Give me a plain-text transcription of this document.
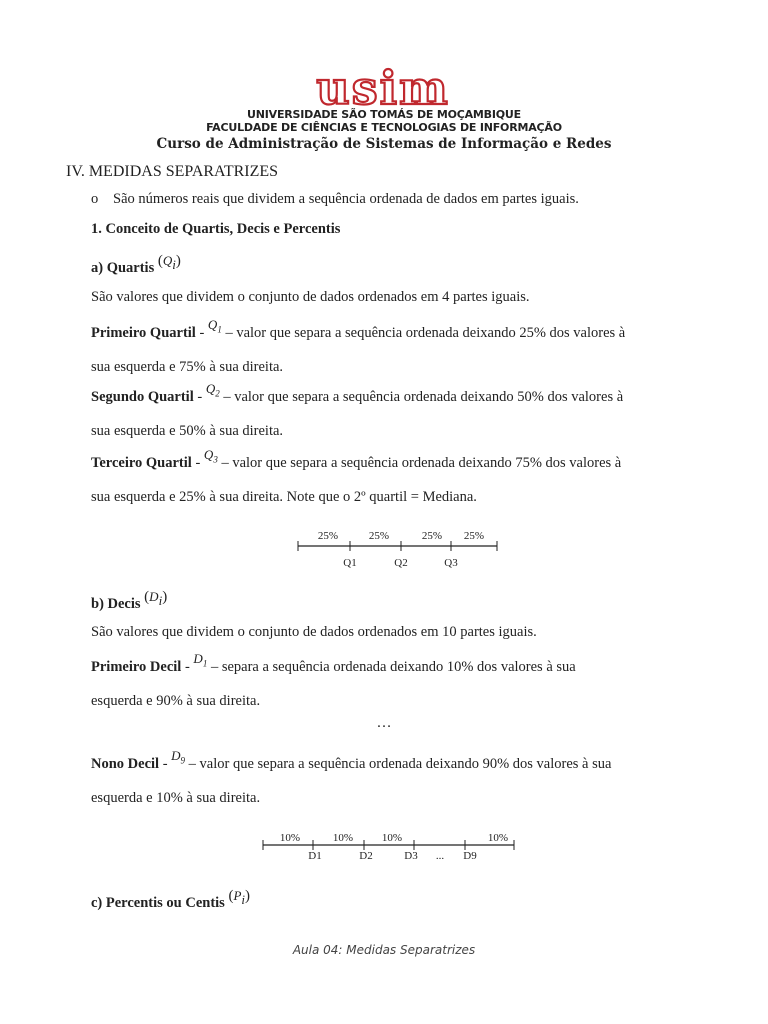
usim
UNIVERSIDADE SÃO TOMÁS DE MOÇAMBIQUE
FACULDADE DE CIÊNCIAS E TECNOLOGIAS DE INFORMAÇÃO
Curso de Administração de Sistemas de Informação e Redes
IV. MEDIDAS SEPARATRIZES
o São números reais que dividem a sequência ordenada de dados em partes iguais.
1. Conceito de Quartis, Decis e Percentis
a) Quartis $(Q_i)$
São valores que dividem o conjunto de dados ordenados em 4 partes iguais.
Primeiro Quartil - $Q_1$ – valor que separa a sequência ordenada deixando 25% dos valores à
sua esquerda e 75% à sua direita.
Segundo Quartil - $Q_2$ – valor que separa a sequência ordenada deixando 50% dos valores à
sua esquerda e 50% à sua direita.
Terceiro Quartil - $Q_3$ – valor que separa a sequência ordenada deixando 75% dos valores à
sua esquerda e 25% à sua direita. Note que o 2º quartil = Mediana.
25%	25%	25% 25%
Q1	Q2	Q3
b) Decis $(D_i)$
São valores que dividem o conjunto de dados ordenados em 10 partes iguais.
Primeiro Decil - $D_1$ – separa a sequência ordenada deixando 10% dos valores à sua
esquerda e 90% à sua direita.
…
Nono Decil - $D_9$ – valor que separa a sequência ordenada deixando 90% dos valores à sua
esquerda e 10% à sua direita.
10%	10%	10%	10%
D1	D2	D3 ... D9
c) Percentis ou Centis $(P_i)$
Aula 04: Medidas Separatrizes
